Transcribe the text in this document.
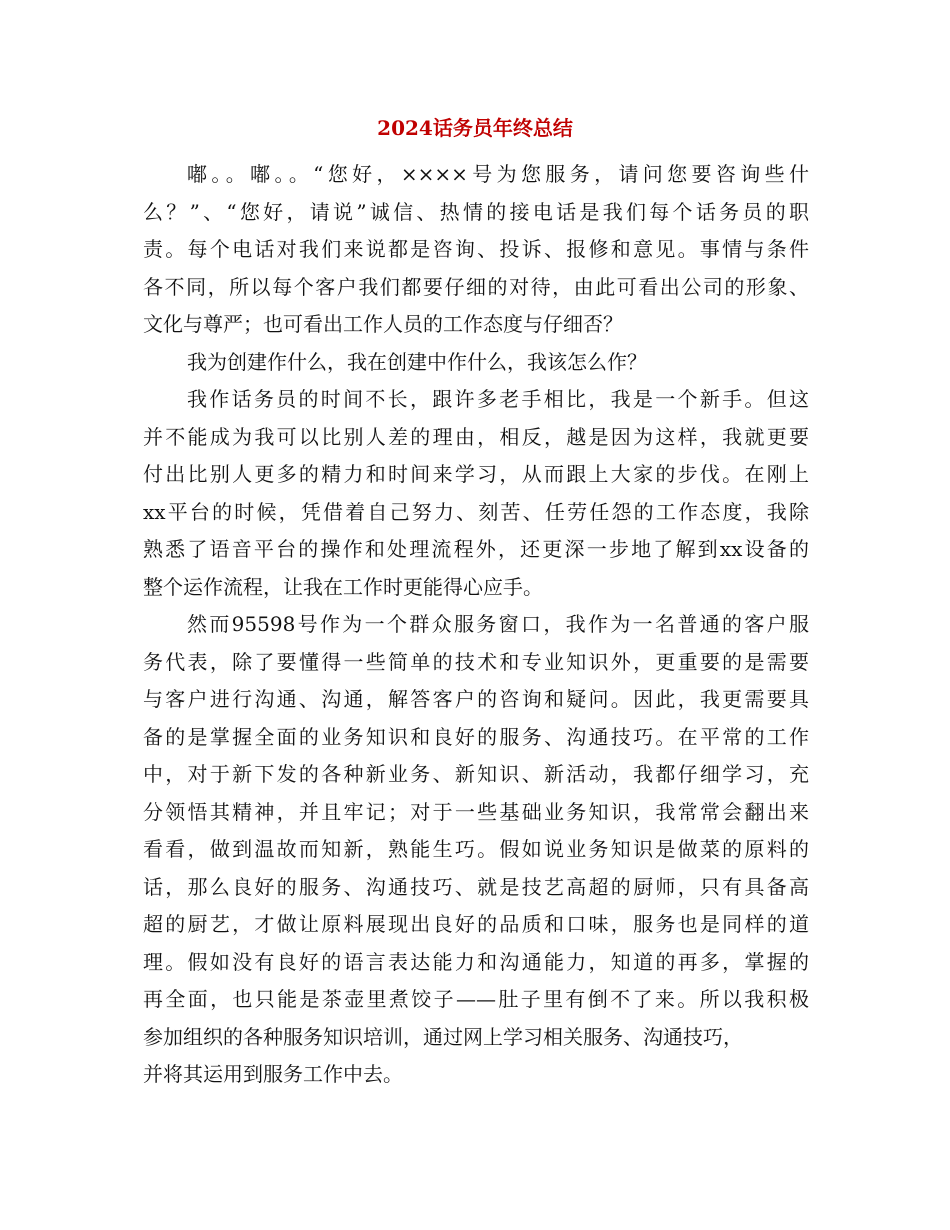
2024话务员年终总结

嘟。。嘟。。“您好，××××号为您服务，请问您要咨询些什
么？”、“您好，请说”诚信、热情的接电话是我们每个话务员的职
责。每个电话对我们来说都是咨询、投诉、报修和意见。事情与条件
各不同，所以每个客户我们都要仔细的对待，由此可看出公司的形象、
文化与尊严；也可看出工作人员的工作态度与仔细否？

我为创建作什么，我在创建中作什么，我该怎么作？

我作话务员的时间不长，跟许多老手相比，我是一个新手。但这
并不能成为我可以比别人差的理由，相反，越是因为这样，我就更要
付出比别人更多的精力和时间来学习，从而跟上大家的步伐。在刚上
xx平台的时候，凭借着自己努力、刻苦、任劳任怨的工作态度，我除
熟悉了语音平台的操作和处理流程外，还更深一步地了解到xx设备的
整个运作流程，让我在工作时更能得心应手。

然而95598号作为一个群众服务窗口，我作为一名普通的客户服
务代表，除了要懂得一些简单的技术和专业知识外，更重要的是需要
与客户进行沟通、沟通，解答客户的咨询和疑问。因此，我更需要具
备的是掌握全面的业务知识和良好的服务、沟通技巧。在平常的工作
中，对于新下发的各种新业务、新知识、新活动，我都仔细学习，充
分领悟其精神，并且牢记；对于一些基础业务知识，我常常会翻出来
看看，做到温故而知新，熟能生巧。假如说业务知识是做菜的原料的
话，那么良好的服务、沟通技巧、就是技艺高超的厨师，只有具备高
超的厨艺，才做让原料展现出良好的品质和口味，服务也是同样的道
理。假如没有良好的语言表达能力和沟通能力，知道的再多，掌握的
再全面，也只能是茶壶里煮饺子——肚子里有倒不了来。所以我积极
参加组织的各种服务知识培训，通过网上学习相关服务、沟通技巧，
并将其运用到服务工作中去。
